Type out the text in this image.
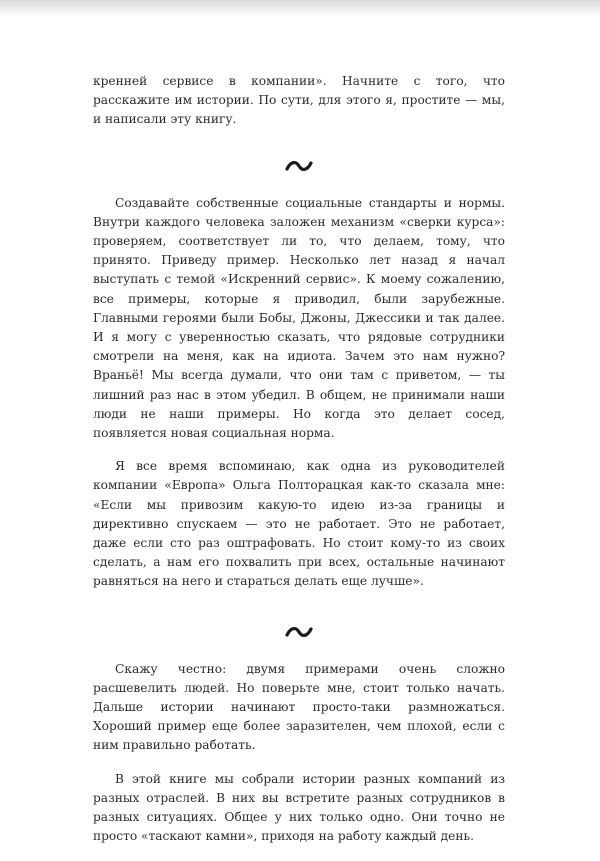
кренней сервисе в компании». Начните с того, что расскажите им истории. По сути, для этого я, простите — мы, и написали эту книгу.

Создавайте собственные социальные стандарты и нормы. Внутри каждого человека заложен механизм «сверки курса»: проверяем, соответствует ли то, что делаем, тому, что принято. Приведу пример. Несколько лет назад я начал выступать с темой «Искренний сервис». К моему сожалению, все примеры, которые я приводил, были зарубежные. Главными героями были Бобы, Джоны, Джессики и так далее. И я могу с уверенностью сказать, что рядовые сотрудники смотрели на меня, как на идиота. Зачем это нам нужно? Враньё! Мы всегда думали, что они там с приветом, — ты лишний раз нас в этом убедил. В общем, не принимали наши люди не наши примеры. Но когда это делает сосед, появляется новая социальная норма.

Я все время вспоминаю, как одна из руководителей компании «Европа» Ольга Полторацкая как-то сказала мне: «Если мы привозим какую-то идею из-за границы и директивно спускаем — это не работает. Это не работает, даже если сто раз оштрафовать. Но стоит кому-то из своих сделать, а нам его похвалить при всех, остальные начинают равняться на него и стараться делать еще лучше».

Скажу честно: двумя примерами очень сложно расшевелить людей. Но поверьте мне, стоит только начать. Дальше истории начинают просто-таки размножаться. Хороший пример еще более заразителен, чем плохой, если с ним правильно работать.

В этой книге мы собрали истории разных компаний из разных отраслей. В них вы встретите разных сотрудников в разных ситуациях. Общее у них только одно. Они точно не просто «таскают камни», приходя на работу каждый день.
